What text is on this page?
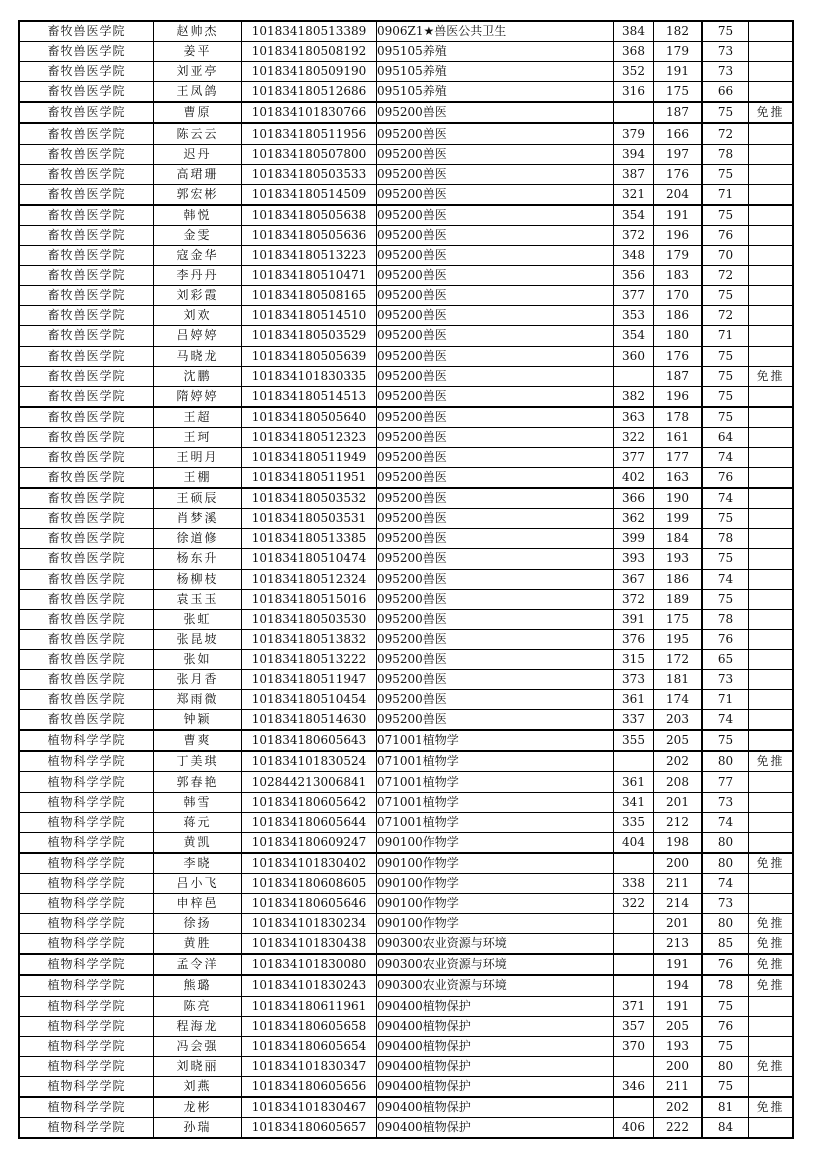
畜牧兽医学院	赵帅杰	101834180513389	0906Z1★兽医公共卫生	384	182	75	
畜牧兽医学院	姜平	101834180508192	095105养殖	368	179	73	
畜牧兽医学院	刘亚亭	101834180509190	095105养殖	352	191	73	
畜牧兽医学院	王凤鸽	101834180512686	095105养殖	316	175	66	
畜牧兽医学院	曹原	101834101830766	095200兽医		187	75	免推
畜牧兽医学院	陈云云	101834180511956	095200兽医	379	166	72	
畜牧兽医学院	迟丹	101834180507800	095200兽医	394	197	78	
畜牧兽医学院	高珺珊	101834180503533	095200兽医	387	176	75	
畜牧兽医学院	郭宏彬	101834180514509	095200兽医	321	204	71	
畜牧兽医学院	韩悦	101834180505638	095200兽医	354	191	75	
畜牧兽医学院	金雯	101834180505636	095200兽医	372	196	76	
畜牧兽医学院	寇金华	101834180513223	095200兽医	348	179	70	
畜牧兽医学院	李丹丹	101834180510471	095200兽医	356	183	72	
畜牧兽医学院	刘彩霞	101834180508165	095200兽医	377	170	75	
畜牧兽医学院	刘欢	101834180514510	095200兽医	353	186	72	
畜牧兽医学院	吕婷婷	101834180503529	095200兽医	354	180	71	
畜牧兽医学院	马晓龙	101834180505639	095200兽医	360	176	75	
畜牧兽医学院	沈鹏	101834101830335	095200兽医		187	75	免推
畜牧兽医学院	隋婷婷	101834180514513	095200兽医	382	196	75	
畜牧兽医学院	王超	101834180505640	095200兽医	363	178	75	
畜牧兽医学院	王珂	101834180512323	095200兽医	322	161	64	
畜牧兽医学院	王明月	101834180511949	095200兽医	377	177	74	
畜牧兽医学院	王棚	101834180511951	095200兽医	402	163	76	
畜牧兽医学院	王硕辰	101834180503532	095200兽医	366	190	74	
畜牧兽医学院	肖梦溪	101834180503531	095200兽医	362	199	75	
畜牧兽医学院	徐道修	101834180513385	095200兽医	399	184	78	
畜牧兽医学院	杨东升	101834180510474	095200兽医	393	193	75	
畜牧兽医学院	杨柳枝	101834180512324	095200兽医	367	186	74	
畜牧兽医学院	袁玉玉	101834180515016	095200兽医	372	189	75	
畜牧兽医学院	张虹	101834180503530	095200兽医	391	175	78	
畜牧兽医学院	张昆坡	101834180513832	095200兽医	376	195	76	
畜牧兽医学院	张如	101834180513222	095200兽医	315	172	65	
畜牧兽医学院	张月香	101834180511947	095200兽医	373	181	73	
畜牧兽医学院	郑雨微	101834180510454	095200兽医	361	174	71	
畜牧兽医学院	钟颖	101834180514630	095200兽医	337	203	74	
植物科学学院	曹爽	101834180605643	071001植物学	355	205	75	
植物科学学院	丁美琪	101834101830524	071001植物学		202	80	免推
植物科学学院	郭春艳	102844213006841	071001植物学	361	208	77	
植物科学学院	韩雪	101834180605642	071001植物学	341	201	73	
植物科学学院	蒋元	101834180605644	071001植物学	335	212	74	
植物科学学院	黄凯	101834180609247	090100作物学	404	198	80	
植物科学学院	李晓	101834101830402	090100作物学		200	80	免推
植物科学学院	吕小飞	101834180608605	090100作物学	338	211	74	
植物科学学院	申梓邑	101834180605646	090100作物学	322	214	73	
植物科学学院	徐扬	101834101830234	090100作物学		201	80	免推
植物科学学院	黄胜	101834101830438	090300农业资源与环境		213	85	免推
植物科学学院	孟令洋	101834101830080	090300农业资源与环境		191	76	免推
植物科学学院	熊璐	101834101830243	090300农业资源与环境		194	78	免推
植物科学学院	陈亮	101834180611961	090400植物保护	371	191	75	
植物科学学院	程海龙	101834180605658	090400植物保护	357	205	76	
植物科学学院	冯会强	101834180605654	090400植物保护	370	193	75	
植物科学学院	刘晓丽	101834101830347	090400植物保护		200	80	免推
植物科学学院	刘燕	101834180605656	090400植物保护	346	211	75	
植物科学学院	龙彬	101834101830467	090400植物保护		202	81	免推
植物科学学院	孙瑞	101834180605657	090400植物保护	406	222	84	
